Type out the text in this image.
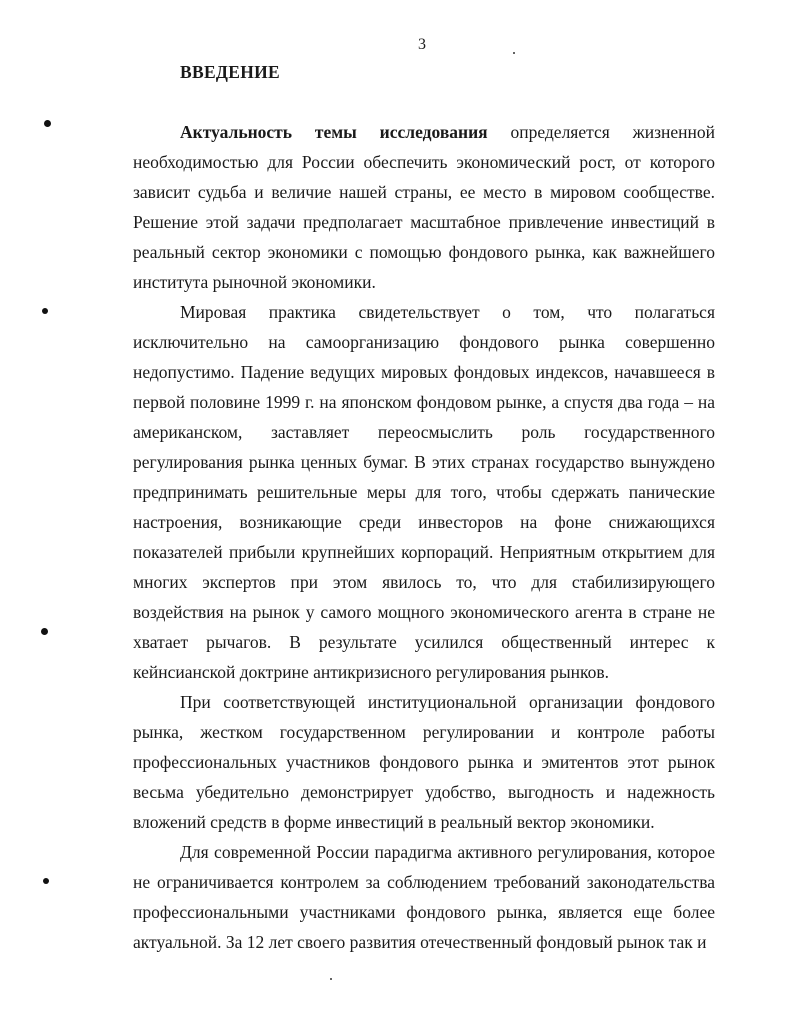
3
ВВЕДЕНИЕ

Актуальность темы исследования определяется жизненной необходимостью для России обеспечить экономический рост, от которого зависит судьба и величие нашей страны, ее место в мировом сообществе. Решение этой задачи предполагает масштабное привлечение инвестиций в реальный сектор экономики с помощью фондового рынка, как важнейшего института рыночной экономики.

Мировая практика свидетельствует о том, что полагаться исключительно на самоорганизацию фондового рынка совершенно недопустимо. Падение ведущих мировых фондовых индексов, начавшееся в первой половине 1999 г. на японском фондовом рынке, а спустя два года – на американском, заставляет переосмыслить роль государственного регулирования рынка ценных бумаг. В этих странах государство вынуждено предпринимать решительные меры для того, чтобы сдержать панические настроения, возникающие среди инвесторов на фоне снижающихся показателей прибыли крупнейших корпораций. Неприятным открытием для многих экспертов при этом явилось то, что для стабилизирующего воздействия на рынок у самого мощного экономического агента в стране не хватает рычагов. В результате усилился общественный интерес к кейнсианской доктрине антикризисного регулирования рынков.

При соответствующей институциональной организации фондового рынка, жестком государственном регулировании и контроле работы профессиональных участников фондового рынка и эмитентов этот рынок весьма убедительно демонстрирует удобство, выгодность и надежность вложений средств в форме инвестиций в реальный вектор экономики.

Для современной России парадигма активного регулирования, которое не ограничивается контролем за соблюдением требований законодательства профессиональными участниками фондового рынка, является еще более актуальной. За 12 лет своего развития отечественный фондовый рынок так и
